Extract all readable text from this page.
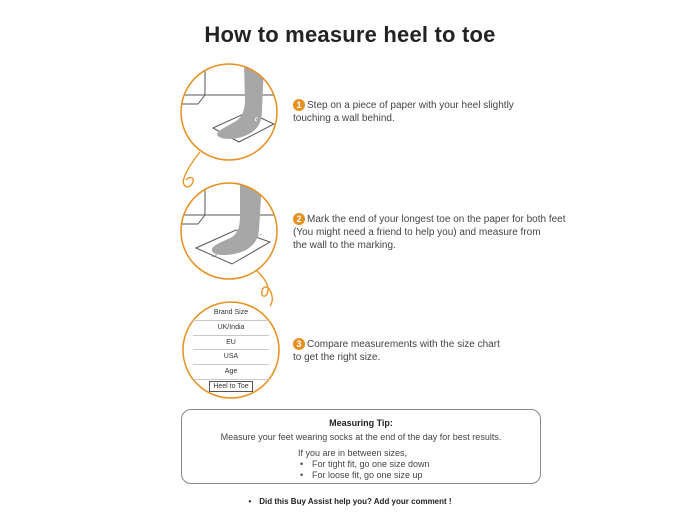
How to measure heel to toe
Brand Size
UK/India
EU
USA
Age
Heel to Toe
1 Step on a piece of paper with your heel slightly
touching a wall behind.
2 Mark the end of your longest toe on the paper for both feet
(You might need a friend to help you) and measure from
the wall to the marking.
3 Compare measurements with the size chart
to get the right size.
Measuring Tip:
Measure your feet wearing socks at the end of the day for best results.
If you are in between sizes,
• For tight fit, go one size down
• For loose fit, go one size up
• Did this Buy Assist help you? Add your comment !
